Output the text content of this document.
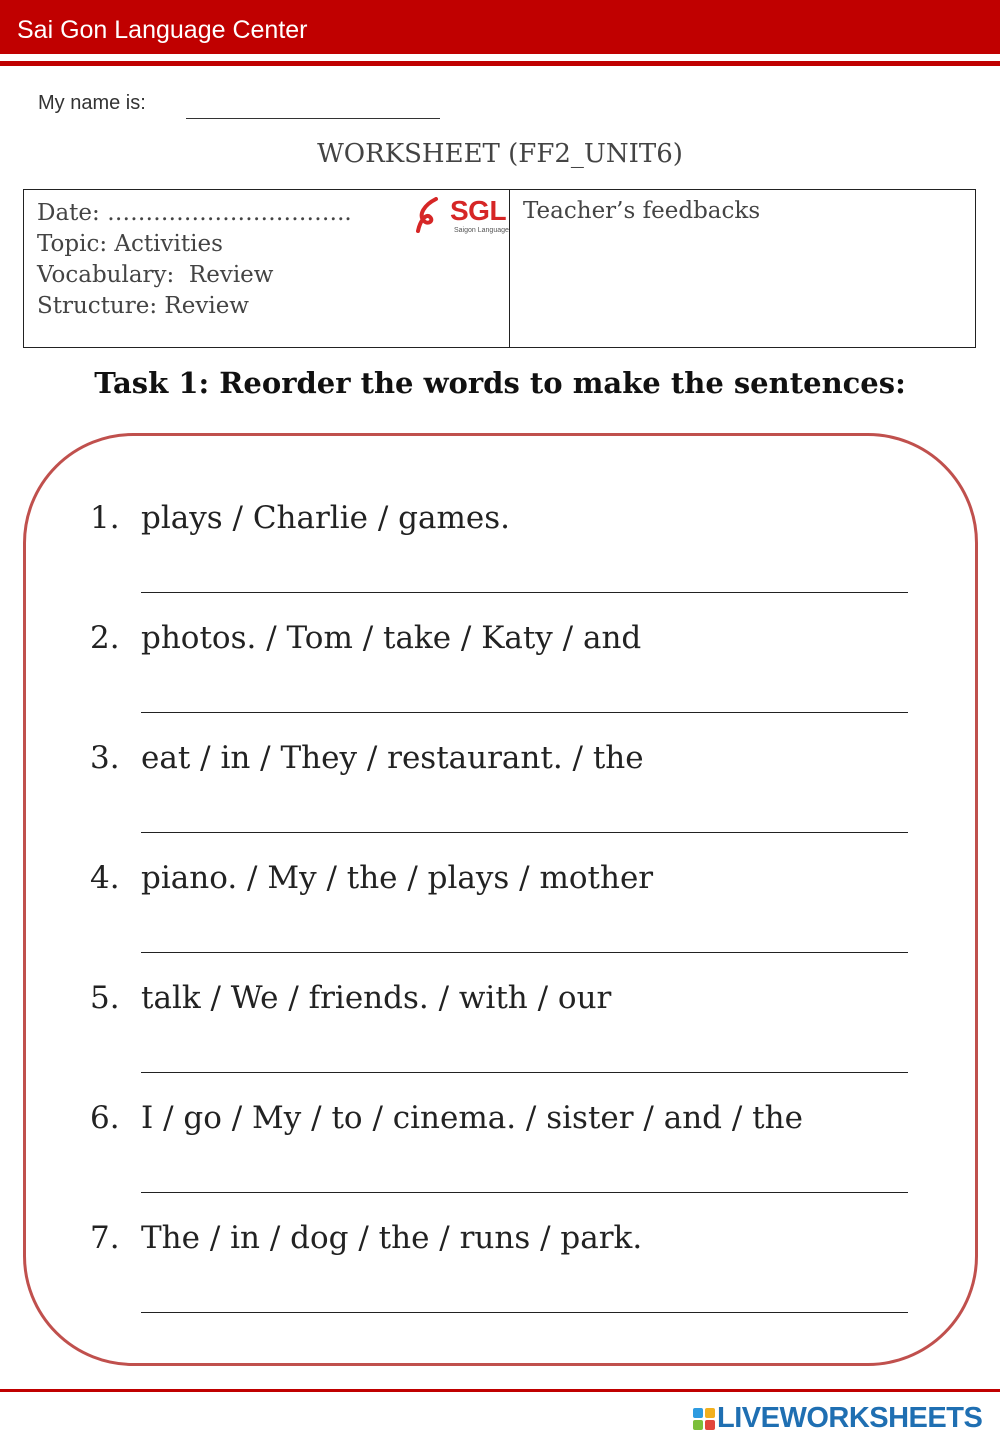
Sai Gon Language Center
My name is:
WORKSHEET (FF2_UNIT6)
Date: …………………………..
Topic: Activities
Vocabulary:  Review
Structure: Review
SGL
Saigon Language
Teacher’s feedbacks
Task 1: Reorder the words to make the sentences:
1. plays / Charlie / games.
2. photos. / Tom / take / Katy / and
3. eat / in / They / restaurant. / the
4. piano. / My / the / plays / mother
5. talk / We / friends. / with / our
6. I / go / My / to / cinema. / sister / and / the
7. The / in / dog / the / runs / park.
LIVEWORKSHEETS
